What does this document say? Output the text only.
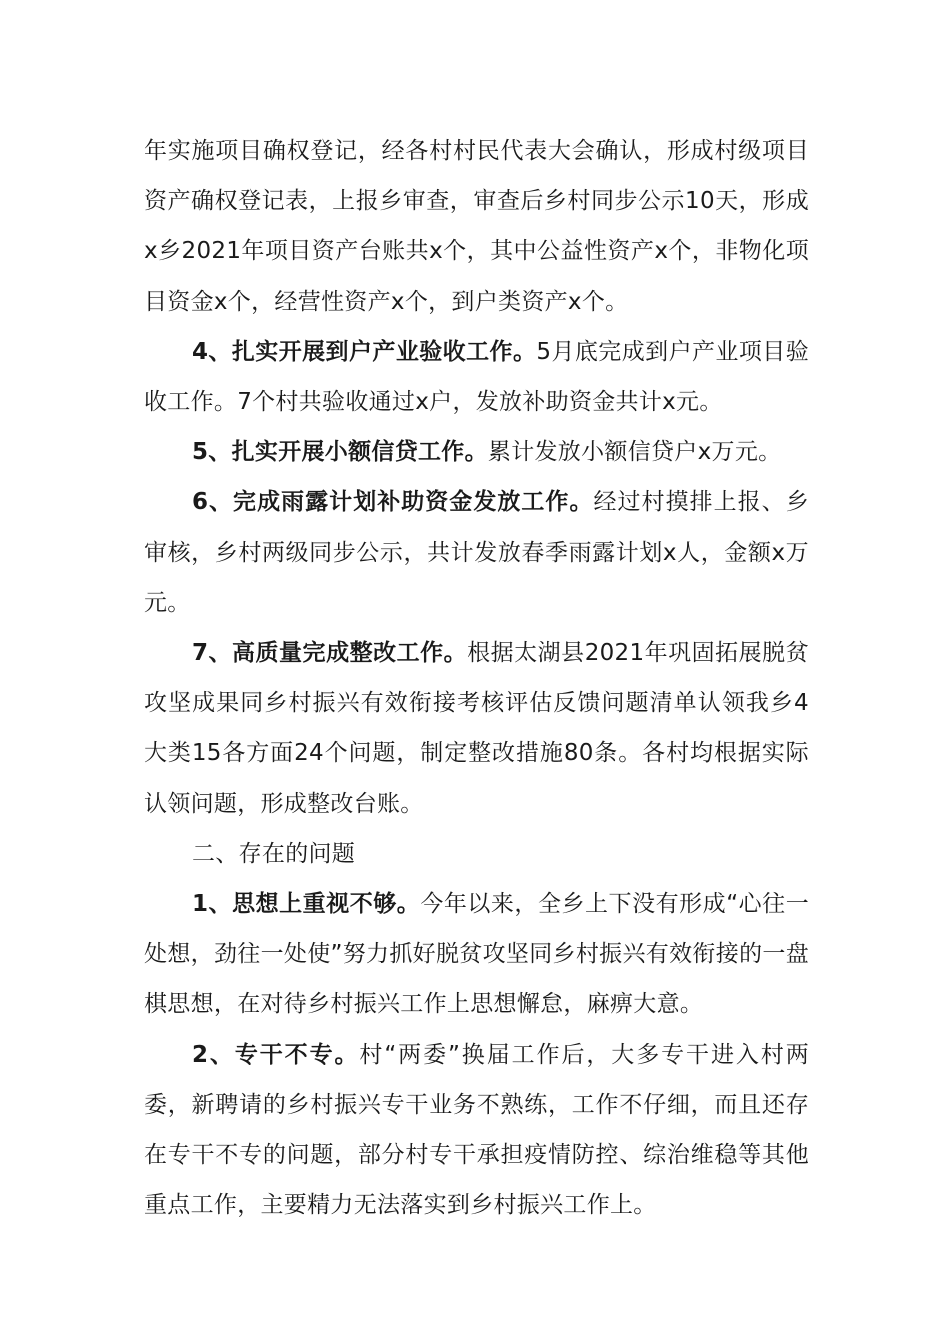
年实施项目确权登记，经各村村民代表大会确认，形成村级项目资产确权登记表，上报乡审查，审查后乡村同步公示10天，形成x乡2021年项目资产台账共x个，其中公益性资产x个，非物化项目资金x个，经营性资产x个，到户类资产x个。

4、扎实开展到户产业验收工作。5月底完成到户产业项目验收工作。7个村共验收通过x户，发放补助资金共计x元。

5、扎实开展小额信贷工作。累计发放小额信贷户x万元。

6、完成雨露计划补助资金发放工作。经过村摸排上报、乡审核，乡村两级同步公示，共计发放春季雨露计划x人，金额x万元。

7、高质量完成整改工作。根据太湖县2021年巩固拓展脱贫攻坚成果同乡村振兴有效衔接考核评估反馈问题清单认领我乡4大类15各方面24个问题，制定整改措施80条。各村均根据实际认领问题，形成整改台账。

二、存在的问题

1、思想上重视不够。今年以来，全乡上下没有形成“心往一处想，劲往一处使”努力抓好脱贫攻坚同乡村振兴有效衔接的一盘棋思想，在对待乡村振兴工作上思想懈怠，麻痹大意。

2、专干不专。村“两委”换届工作后，大多专干进入村两委，新聘请的乡村振兴专干业务不熟练，工作不仔细，而且还存在专干不专的问题，部分村专干承担疫情防控、综治维稳等其他重点工作，主要精力无法落实到乡村振兴工作上。
